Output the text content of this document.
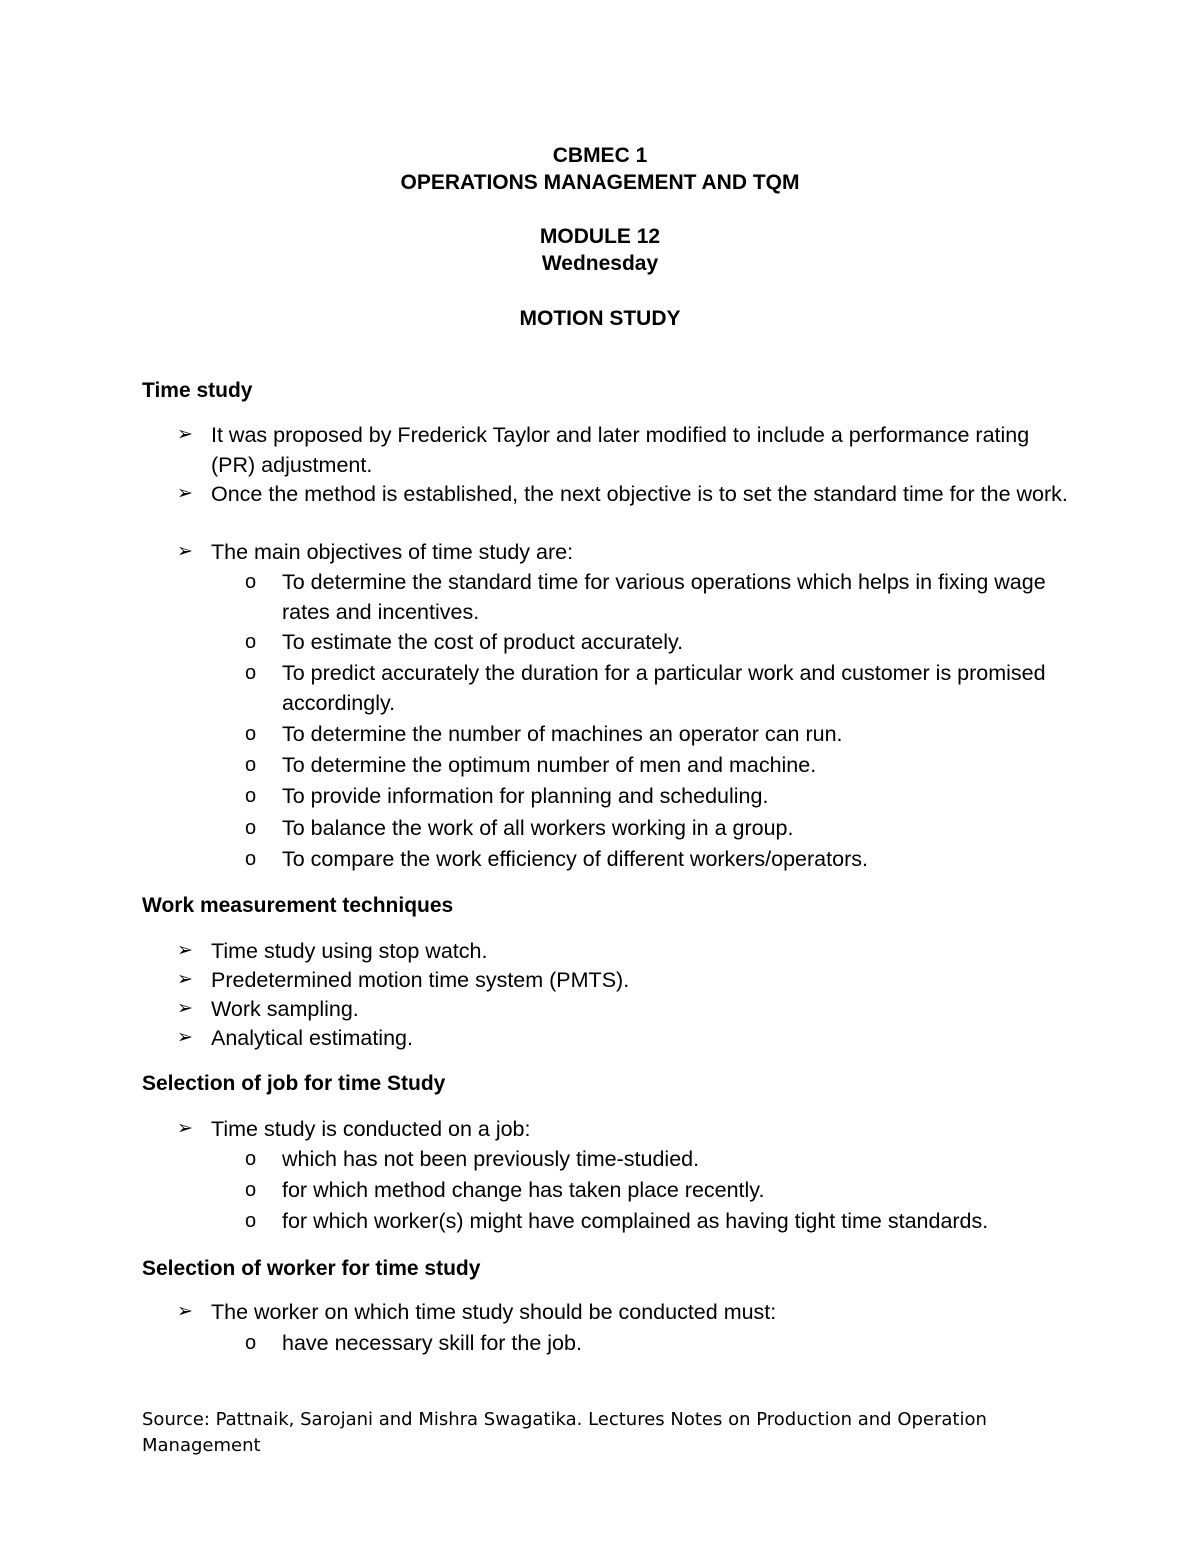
CBMEC 1
OPERATIONS MANAGEMENT AND TQM
MODULE 12
Wednesday
MOTION STUDY
Time study
➢ It was proposed by Frederick Taylor and later modified to include a performance rating (PR) adjustment.
➢ Once the method is established, the next objective is to set the standard time for the work.
➢ The main objectives of time study are:
o To determine the standard time for various operations which helps in fixing wage rates and incentives.
o To estimate the cost of product accurately.
o To predict accurately the duration for a particular work and customer is promised accordingly.
o To determine the number of machines an operator can run.
o To determine the optimum number of men and machine.
o To provide information for planning and scheduling.
o To balance the work of all workers working in a group.
o To compare the work efficiency of different workers/operators.
Work measurement techniques
➢ Time study using stop watch.
➢ Predetermined motion time system (PMTS).
➢ Work sampling.
➢ Analytical estimating.
Selection of job for time Study
➢ Time study is conducted on a job:
o which has not been previously time-studied.
o for which method change has taken place recently.
o for which worker(s) might have complained as having tight time standards.
Selection of worker for time study
➢ The worker on which time study should be conducted must:
o have necessary skill for the job.
Source: Pattnaik, Sarojani and Mishra Swagatika. Lectures Notes on Production and Operation Management
